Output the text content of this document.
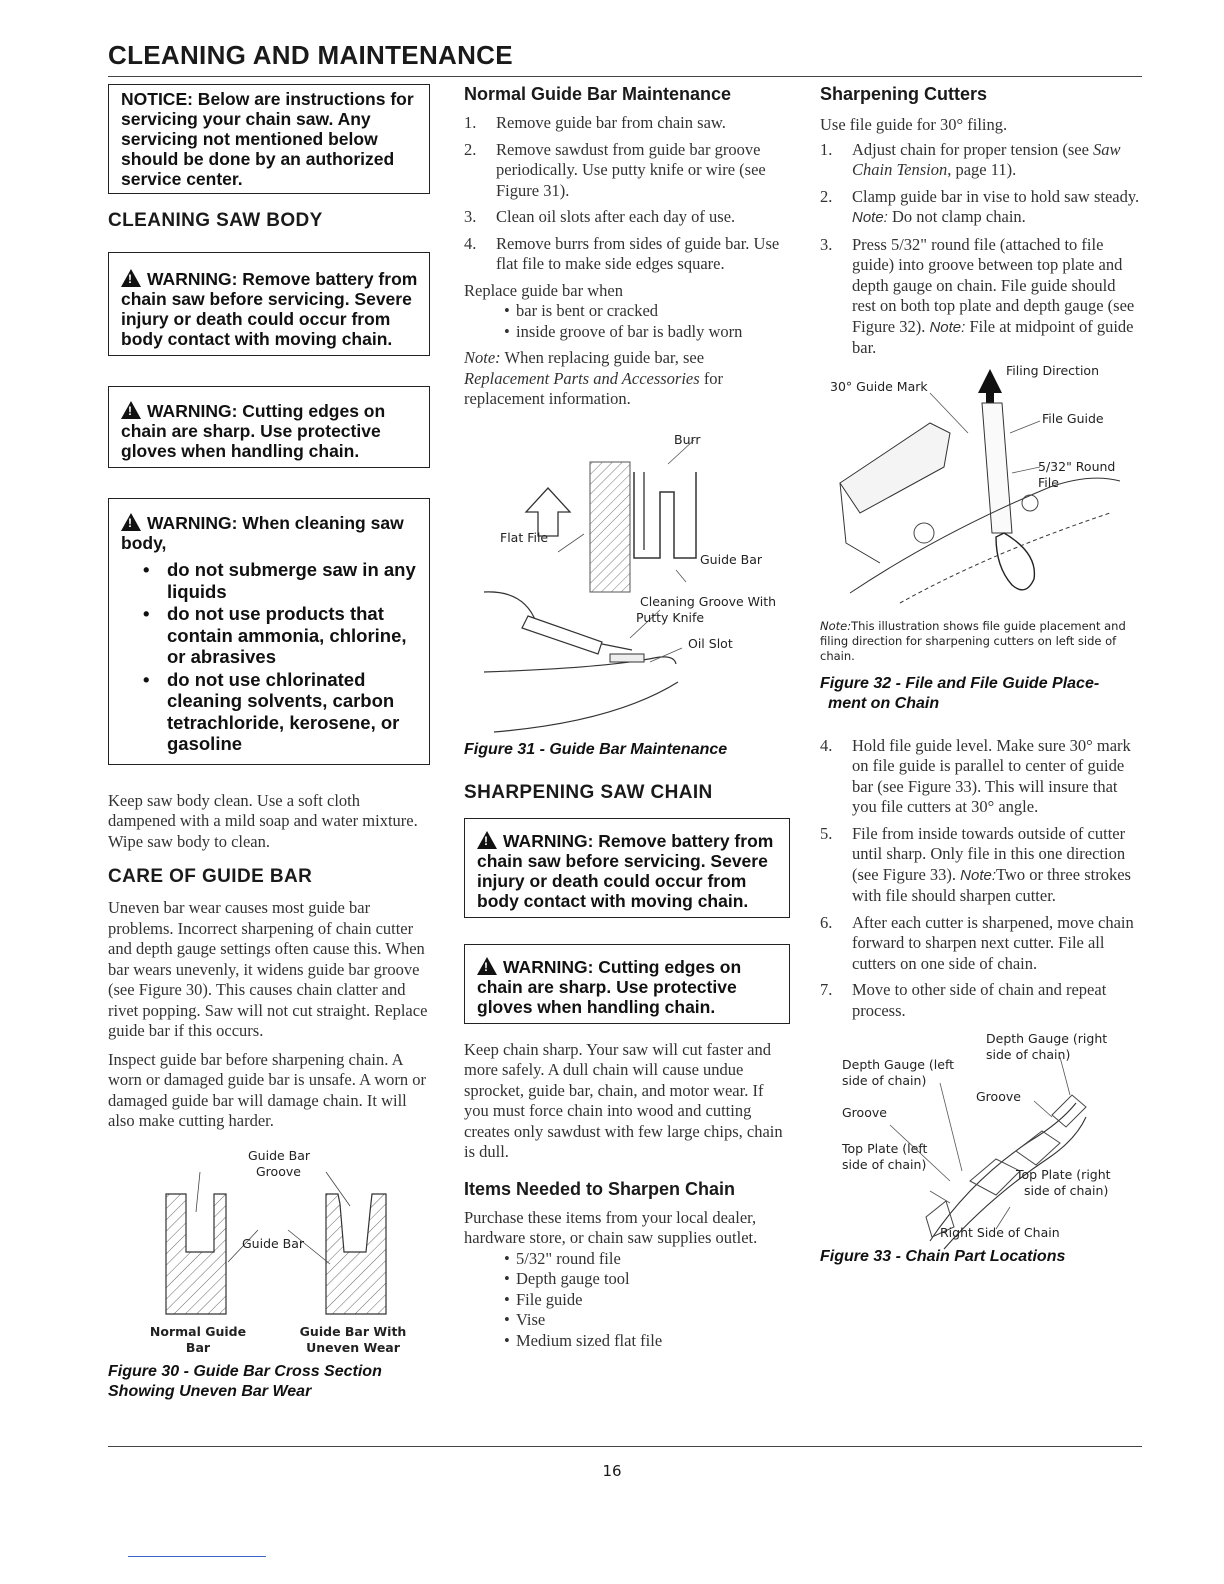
CLEANING AND MAINTENANCE
NOTICE: Below are instructions for servicing your chain saw. Any servicing not mentioned below should be done by an authorized service center.

CLEANING SAW BODY

!WARNING: Remove battery from chain saw before servicing. Severe injury or death could occur from body contact with moving chain.
!WARNING: Cutting edges on chain are sharp. Use protective gloves when handling chain.
!WARNING: When cleaning saw body,
• do not submerge saw in any liquids
• do not use products that contain ammonia, chlorine, or abrasives
• do not use chlorinated cleaning solvents, carbon tetrachloride, kerosene, or gasoline

Keep saw body clean. Use a soft cloth dampened with a mild soap and water mixture. Wipe saw body to clean.

CARE OF GUIDE BAR

Uneven bar wear causes most guide bar problems. Incorrect sharpening of chain cutter and depth gauge settings often cause this. When bar wears unevenly, it widens guide bar groove (see Figure 30). This causes chain clatter and rivet popping. Saw will not cut straight. Replace guide bar if this occurs.

Inspect guide bar before sharpening chain. A worn or damaged guide bar is unsafe. A worn or damaged guide bar will damage chain. It will also make cutting harder.

Guide Bar
Groove
Guide Bar
Normal Guide
Bar
Guide Bar With
Uneven Wear

Figure 30 - Guide Bar Cross Section
Showing Uneven Bar Wear

Normal Guide Bar Maintenance

1. Remove guide bar from chain saw.
2. Remove sawdust from guide bar groove periodically. Use putty knife or wire (see Figure 31).
3. Clean oil slots after each day of use.
4. Remove burrs from sides of guide bar. Use flat file to make side edges square.

Replace guide bar when

• bar is bent or cracked
• inside groove of bar is badly worn

Note: When replacing guide bar, see Replacement Parts and Accessories for replacement information.

Burr
Flat File
Guide Bar
Cleaning Groove With
Putty Knife
Oil Slot

Figure 31 - Guide Bar Maintenance

SHARPENING SAW CHAIN

!WARNING: Remove battery from chain saw before servicing. Severe injury or death could occur from body contact with moving chain.
!WARNING: Cutting edges on chain are sharp. Use protective gloves when handling chain.

Keep chain sharp. Your saw will cut faster and more safely. A dull chain will cause undue sprocket, guide bar, chain, and motor wear. If you must force chain into wood and cutting creates only sawdust with few large chips, chain is dull.

Items Needed to Sharpen Chain

Purchase these items from your local dealer, hardware store, or chain saw supplies outlet.

• 5/32" round file
• Depth gauge tool
• File guide
• Vise
• Medium sized flat file

Sharpening Cutters

Use file guide for 30° filing.

1. Adjust chain for proper tension (see Saw Chain Tension, page 11).
2. Clamp guide bar in vise to hold saw steady. Note: Do not clamp chain.
3. Press 5/32" round file (attached to file guide) into groove between top plate and depth gauge on chain. File guide should rest on both top plate and depth gauge (see Figure 32). Note: File at midpoint of guide bar.
Filing Direction
30° Guide Mark
File Guide
5/32" Round
File

Note:This illustration shows file guide placement and filing direction for sharpening cutters on left side of chain.

Figure 32 - File and File Guide Place-
ment on Chain

4. Hold file guide level. Make sure 30° mark on file guide is parallel to center of guide bar (see Figure 33). This will insure that you file cutters at 30° angle.
5. File from inside towards outside of cutter until sharp. Only file in this one direction (see Figure 33). Note:Two or three strokes with file should sharpen cutter.
6. After each cutter is sharpened, move chain forward to sharpen next cutter. File all cutters on one side of chain.
7. Move to other side of chain and repeat process.
Depth Gauge (right
side of chain)
Depth Gauge (left
side of chain)
Groove
Groove
Top Plate (left
side of chain)
Top Plate (right
side of chain)
Right Side of Chain

Figure 33 - Chain Part Locations

16
